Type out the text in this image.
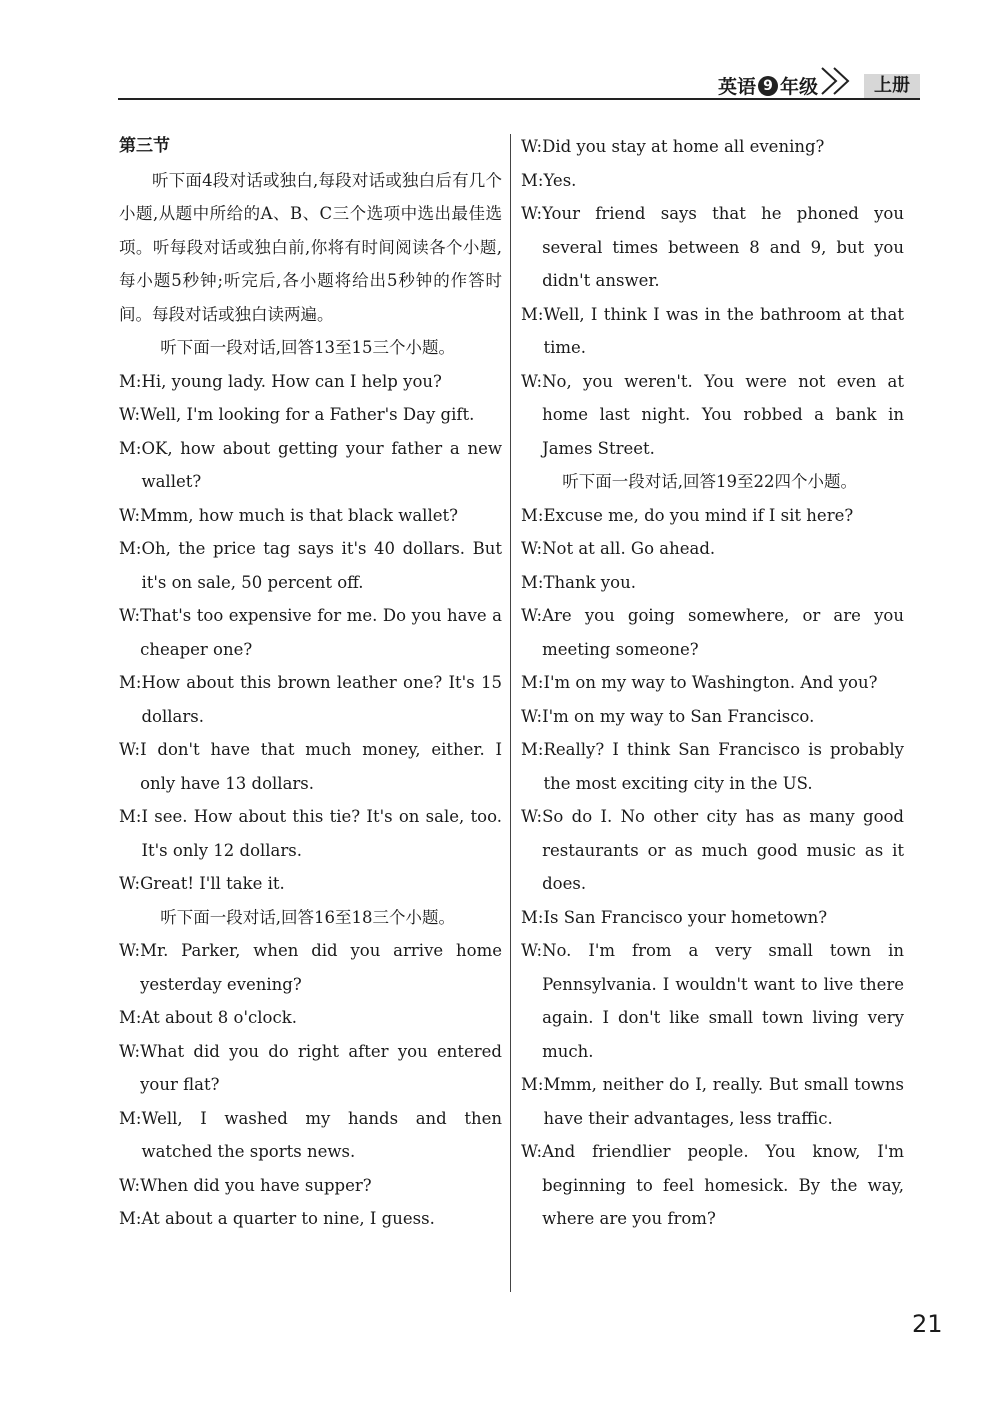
英语 9 年级	上册

第三节

听下面4段对话或独白,每段对话或独白后有几个小题,从题中所给的A、B、C三个选项中选出最佳选项。听每段对话或独白前,你将有时间阅读各个小题,每小题5秒钟;听完后,各小题将给出5秒钟的作答时间。每段对话或独白读两遍。

听下面一段对话,回答13至15三个小题。

M: Hi, young lady. How can I help you?
W: Well, I'm looking for a Father's Day gift.
M: OK, how about getting your father a new wallet?
W: Mmm, how much is that black wallet?
M: Oh, the price tag says it's 40 dollars. But it's on sale, 50 percent off.
W: That's too expensive for me. Do you have a cheaper one?
M: How about this brown leather one? It's 15 dollars.
W: I don't have that much money, either. I only have 13 dollars.
M: I see. How about this tie? It's on sale, too. It's only 12 dollars.
W: Great! I'll take it.

听下面一段对话,回答16至18三个小题。

W: Mr. Parker, when did you arrive home yesterday evening?
M: At about 8 o'clock.
W: What did you do right after you entered your flat?
M: Well, I washed my hands and then watched the sports news.
W: When did you have supper?
M: At about a quarter to nine, I guess.
W: Did you stay at home all evening?
M: Yes.
W: Your friend says that he phoned you several times between 8 and 9, but you didn't answer.
M: Well, I think I was in the bathroom at that time.
W: No, you weren't. You were not even at home last night. You robbed a bank in James Street.

听下面一段对话,回答19至22四个小题。

M: Excuse me, do you mind if I sit here?
W: Not at all. Go ahead.
M: Thank you.
W: Are you going somewhere, or are you meeting someone?
M: I'm on my way to Washington. And you?
W: I'm on my way to San Francisco.
M: Really? I think San Francisco is probably the most exciting city in the US.
W: So do I. No other city has as many good restaurants or as much good music as it does.
M: Is San Francisco your hometown?
W: No. I'm from a very small town in Pennsylvania. I wouldn't want to live there again. I don't like small town living very much.
M: Mmm, neither do I, really. But small towns have their advantages, less traffic.
W: And friendlier people. You know, I'm beginning to feel homesick. By the way, where are you from?
21
